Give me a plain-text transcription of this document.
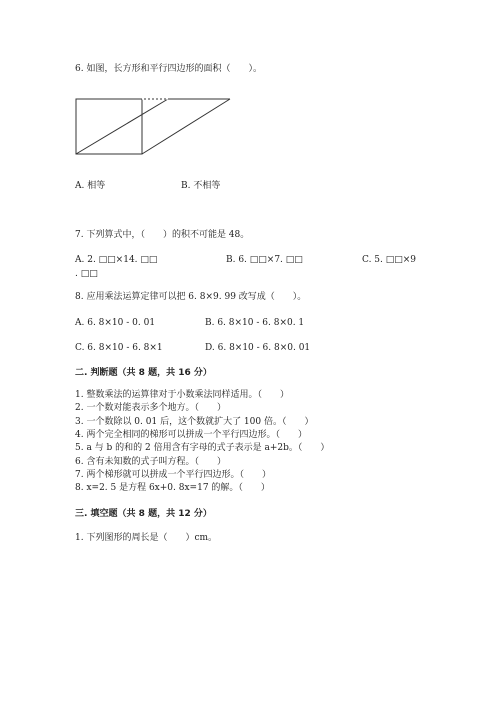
6. 如图，长方形和平行四边形的面积（　　）。
A. 相等	B. 不相等
7. 下列算式中，（　　）的积不可能是 48。
A. 2. □□×14. □□	B. 6. □□×7. □□	C. 5. □□×9
. □□
8. 应用乘法运算定律可以把 6. 8×9. 99 改写成（　　）。
A. 6. 8×10 - 0. 01	B. 6. 8×10 - 6. 8×0. 1
C. 6. 8×10 - 6. 8×1	D. 6. 8×10 - 6. 8×0. 01
二. 判断题（共 8 题，共 16 分）
1. 整数乘法的运算律对于小数乘法同样适用。（　　）
2. 一个数对能表示多个地方。（　　）
3. 一个数除以 0. 01 后，这个数就扩大了 100 倍。（　　）
4. 两个完全相同的梯形可以拼成一个平行四边形。（　　）
5. a 与 b 的和的 2 倍用含有字母的式子表示是 a+2b。（　　）
6. 含有未知数的式子叫方程。（　　）
7. 两个梯形就可以拼成一个平行四边形。（　　）
8. x=2. 5 是方程 6x+0. 8x=17 的解。（　　）
三. 填空题（共 8 题，共 12 分）
1. 下列图形的周长是（　　）cm。
